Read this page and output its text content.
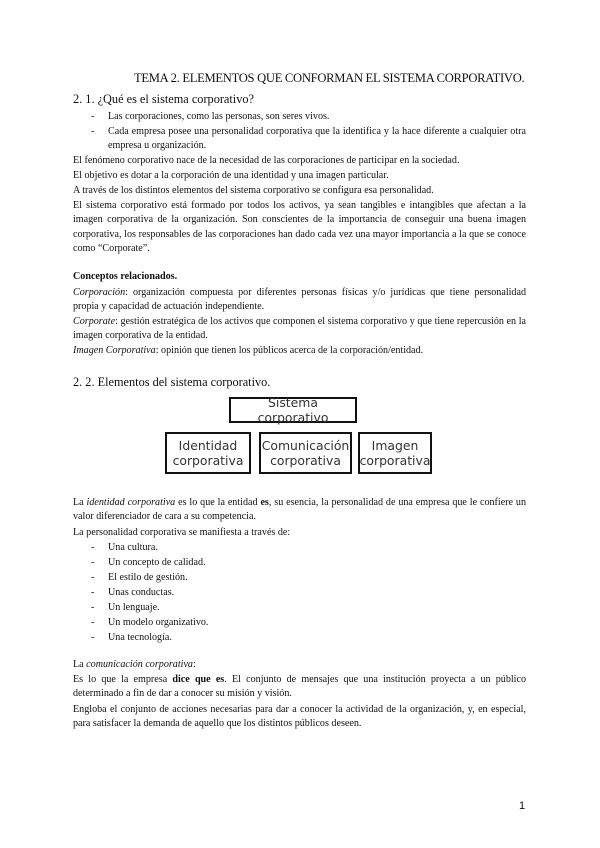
TEMA 2. ELEMENTOS QUE CONFORMAN EL SISTEMA CORPORATIVO.
2. 1. ¿Qué es el sistema corporativo?
- Las corporaciones, como las personas, son seres vivos.
- Cada empresa posee una personalidad corporativa que la identifica y la hace diferente a cualquier otra empresa u organización.
El fenómeno corporativo nace de la necesidad de las corporaciones de participar en la sociedad.
El objetivo es dotar a la corporación de una identidad y una imagen particular.
A través de los distintos elementos del sistema corporativo se configura esa personalidad.
El sistema corporativo está formado por todos los activos, ya sean tangibles e intangibles que afectan a la imagen corporativa de la organización. Son conscientes de la importancia de conseguir una buena imagen corporativa, los responsables de las corporaciones han dado cada vez una mayor importancia a la que se conoce como “Corporate”.
Conceptos relacionados.
Corporación: organización compuesta por diferentes personas físicas y/o jurídicas que tiene personalidad propia y capacidad de actuación independiente.
Corporate: gestión estratégica de los activos que componen el sistema corporativo y que tiene repercusión en la imagen corporativa de la entidad.
Imagen Corporativa: opinión que tienen los públicos acerca de la corporación/entidad.
2. 2. Elementos del sistema corporativo.
Sistema corporativo
Identidad
corporativa
Comunicación
corporativa
Imagen
corporativa
La identidad corporativa es lo que la entidad es, su esencia, la personalidad de una empresa que le confiere un valor diferenciador de cara a su competencia.
La personalidad corporativa se manifiesta a través de:
- Una cultura.
- Un concepto de calidad.
- El estilo de gestión.
- Unas conductas.
- Un lenguaje.
- Un modelo organizativo.
- Una tecnología.
La comunicación corporativa:
Es lo que la empresa dice que es. El conjunto de mensajes que una institución proyecta a un público determinado a fin de dar a conocer su misión y visión.
Engloba el conjunto de acciones necesarias para dar a conocer la actividad de la organización, y, en especial, para satisfacer la demanda de aquello que los distintos públicos deseen.
1
